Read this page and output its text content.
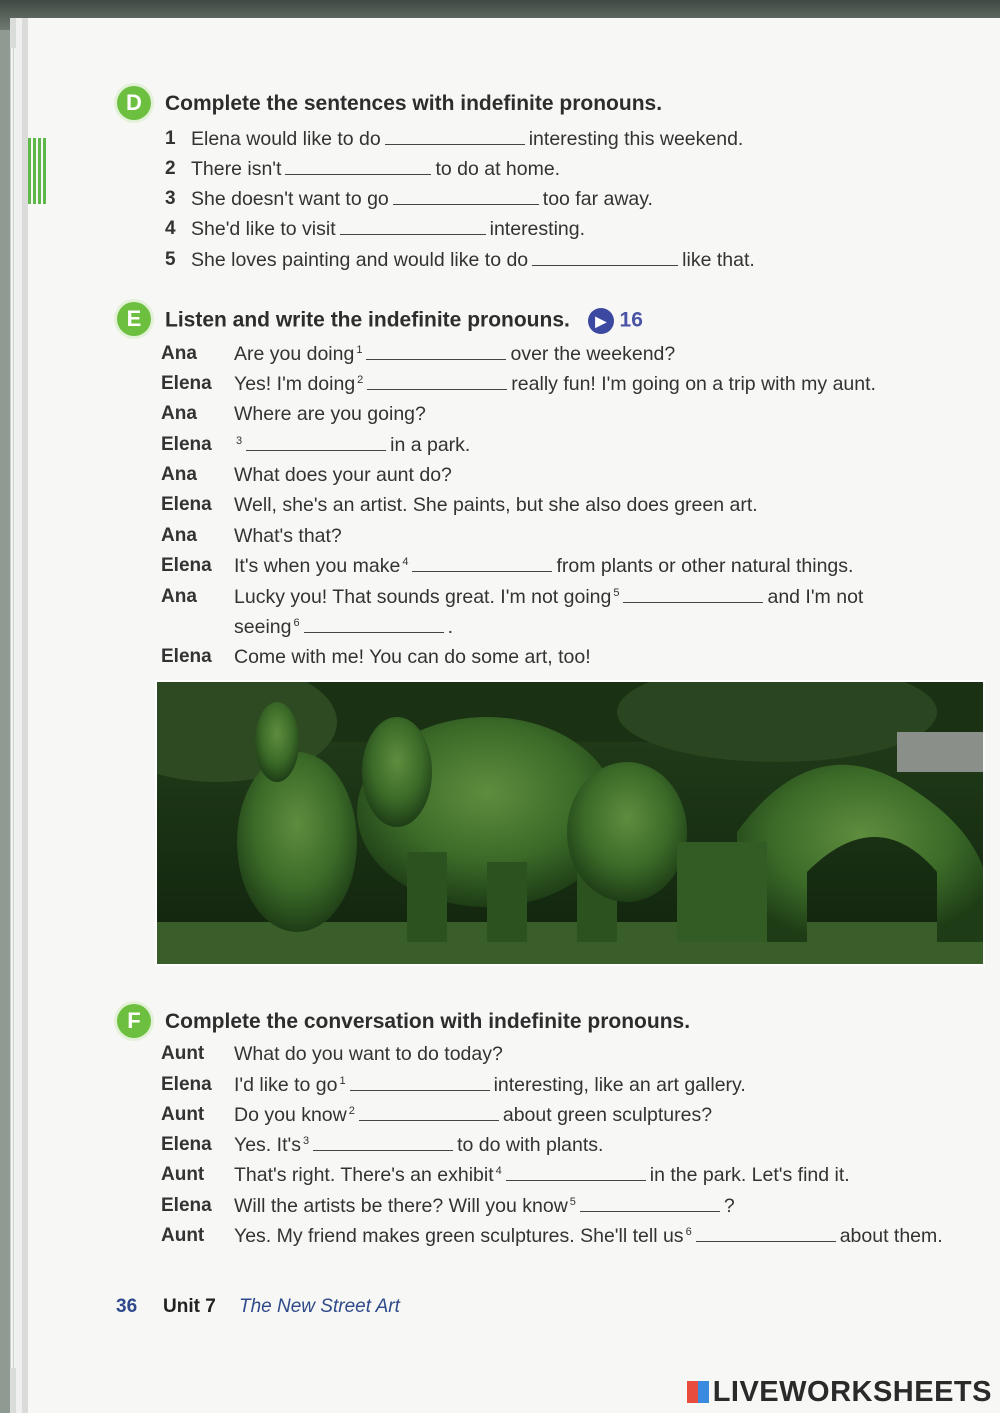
D	Complete the sentences with indefinite pronouns.
1 Elena would like to do	interesting this weekend.
2 There isn't	to do at home.
3 She doesn't want to go	too far away.
4 She'd like to visit	interesting.
5 She loves painting and would like to do	like that.
E	Listen and write the indefinite pronouns. ▶ 16
Ana Are you doing $^1$	over the weekend?
Elena Yes! I'm doing $^2$	really fun! I'm going on a trip with my aunt.
Ana Where are you going?
Elena $^3$	in a park.
Ana What does your aunt do?
Elena Well, she's an artist. She paints, but she also does green art.
Ana What's that?
Elena It's when you make $^4$	from plants or other natural things.
Ana Lucky you! That sounds great. I'm not going $^5$	and I'm not
seeing $^6$	.
Elena Come with me! You can do some art, too!
F	Complete the conversation with indefinite pronouns.
Aunt What do you want to do today?
Elena I'd like to go $^1$	interesting, like an art gallery.
Aunt Do you know $^2$	about green sculptures?
Elena Yes. It's $^3$	to do with plants.
Aunt That's right. There's an exhibit $^4$	in the park. Let's find it.
Elena Will the artists be there? Will you know $^5$	?
Aunt Yes. My friend makes green sculptures. She'll tell us $^6$	about them.
36 Unit 7 The New Street Art
LIVEWORKSHEETS
